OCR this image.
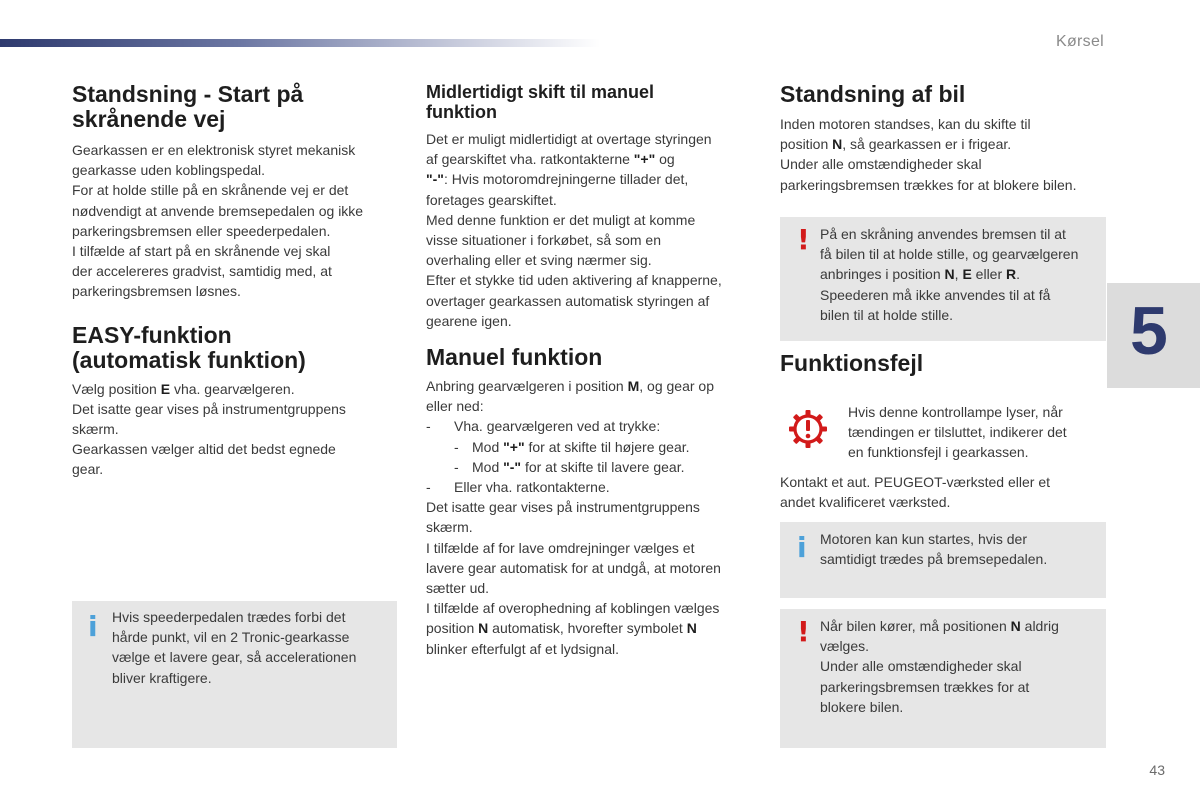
Kørsel
5
43
Standsning - Start på
skrånende vej

Gearkassen er en elektronisk styret mekanisk

gearkasse uden koblingspedal.

For at holde stille på en skrånende vej er det

nødvendigt at anvende bremsepedalen og ikke

parkeringsbremsen eller speederpedalen.

I tilfælde af start på en skrånende vej skal

der accelereres gradvist, samtidig med, at

parkeringsbremsen løsnes.

EASY-funktion
(automatisk funktion)

Vælg position E vha. gearvælgeren.

Det isatte gear vises på instrumentgruppens

skærm.

Gearkassen vælger altid det bedst egnede

gear.

i Hvis speederpedalen trædes forbi det
hårde punkt, vil en 2 Tronic-gearkasse
vælge et lavere gear, så accelerationen
bliver kraftigere.
Midlertidigt skift til manuel
funktion

Det er muligt midlertidigt at overtage styringen

af gearskiftet vha. ratkontakterne "+" og

"-": Hvis motoromdrejningerne tillader det,

foretages gearskiftet.

Med denne funktion er det muligt at komme

visse situationer i forkøbet, så som en

overhaling eller et sving nærmer sig.

Efter et stykke tid uden aktivering af knapperne,

overtager gearkassen automatisk styringen af

gearene igen.

Manuel funktion

Anbring gearvælgeren i position M, og gear op

eller ned:

-	Vha. gearvælgeren ved at trykke:
- Mod "+" for at skifte til højere gear.
- Mod "-" for at skifte til lavere gear.
-	Eller vha. ratkontakterne.

Det isatte gear vises på instrumentgruppens

skærm.

I tilfælde af for lave omdrejninger vælges et

lavere gear automatisk for at undgå, at motoren

sætter ud.

I tilfælde af overophedning af koblingen vælges

position N automatisk, hvorefter symbolet N

blinker efterfulgt af et lydsignal.

Standsning af bil

Inden motoren standses, kan du skifte til

position N, så gearkassen er i frigear.

Under alle omstændigheder skal

parkeringsbremsen trækkes for at blokere bilen.

! På en skråning anvendes bremsen til at
få bilen til at holde stille, og gearvælgeren
anbringes i position N, E eller R.
Speederen må ikke anvendes til at få
bilen til at holde stille.
Funktionsfejl
Hvis denne kontrollampe lyser, når
tændingen er tilsluttet, indikerer det
en funktionsfejl i gearkassen.

Kontakt et aut. PEUGEOT-værksted eller et

andet kvalificeret værksted.

i Motoren kan kun startes, hvis der
samtidigt trædes på bremsepedalen.
! Når bilen kører, må positionen N aldrig
vælges.
Under alle omstændigheder skal
parkeringsbremsen trækkes for at
blokere bilen.
